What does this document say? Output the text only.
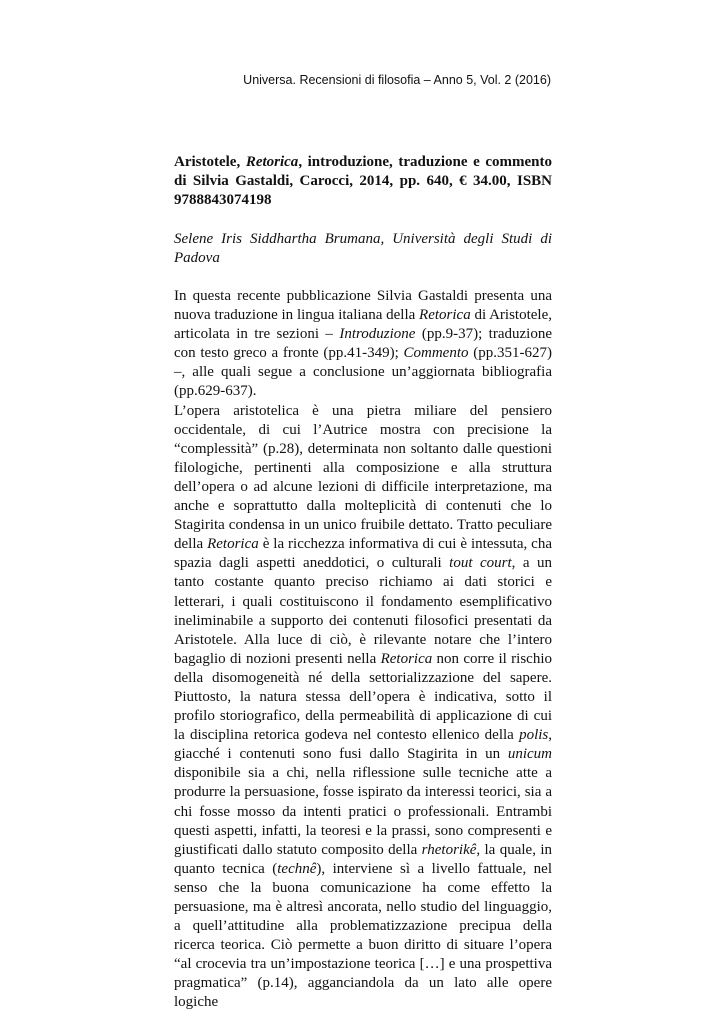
Universa. Recensioni di filosofia – Anno 5, Vol. 2 (2016)

Aristotele, Retorica, introduzione, traduzione e commento di Silvia Gastaldi, Carocci, 2014, pp. 640, € 34.00, ISBN 9788843074198

Selene Iris Siddhartha Brumana, Università degli Studi di Padova

In questa recente pubblicazione Silvia Gastaldi presenta una nuova traduzione in lingua italiana della Retorica di Aristotele, articolata in tre sezioni – Introduzione (pp.9-37); traduzione con testo greco a fronte (pp.41-349); Commento (pp.351-627) –, alle quali segue a conclusione un’aggiornata bibliografia (pp.629-637).

L’opera aristotelica è una pietra miliare del pensiero occidentale, di cui l’Autrice mostra con precisione la “complessità” (p.28), determinata non soltanto dalle questioni filologiche, pertinenti alla composizione e alla struttura dell’opera o ad alcune lezioni di difficile interpretazione, ma anche e soprattutto dalla molteplicità di contenuti che lo Stagirita condensa in un unico fruibile dettato. Tratto peculiare della Retorica è la ricchezza informativa di cui è intessuta, cha spazia dagli aspetti aneddotici, o culturali tout court, a un tanto costante quanto preciso richiamo ai dati storici e letterari, i quali costituiscono il fondamento esemplificativo ineliminabile a supporto dei contenuti filosofici presentati da Aristotele. Alla luce di ciò, è rilevante notare che l’intero bagaglio di nozioni presenti nella Retorica non corre il rischio della disomogeneità né della settorializzazione del sapere. Piuttosto, la natura stessa dell’opera è indicativa, sotto il profilo storiografico, della permeabilità di applicazione di cui la disciplina retorica godeva nel contesto ellenico della polis, giacché i contenuti sono fusi dallo Stagirita in un unicum disponibile sia a chi, nella riflessione sulle tecniche atte a produrre la persuasione, fosse ispirato da interessi teorici, sia a chi fosse mosso da intenti pratici o professionali. Entrambi questi aspetti, infatti, la teoresi e la prassi, sono compresenti e giustificati dallo statuto composito della rhetorikê, la quale, in quanto tecnica (technê), interviene sì a livello fattuale, nel senso che la buona comunicazione ha come effetto la persuasione, ma è altresì ancorata, nello studio del linguaggio, a quell’attitudine alla problematizzazione precipua della ricerca teorica. Ciò permette a buon diritto di situare l’opera “al crocevia tra un’impostazione teorica […] e una prospettiva pragmatica” (p.14), agganciandola da un lato alle opere logiche
